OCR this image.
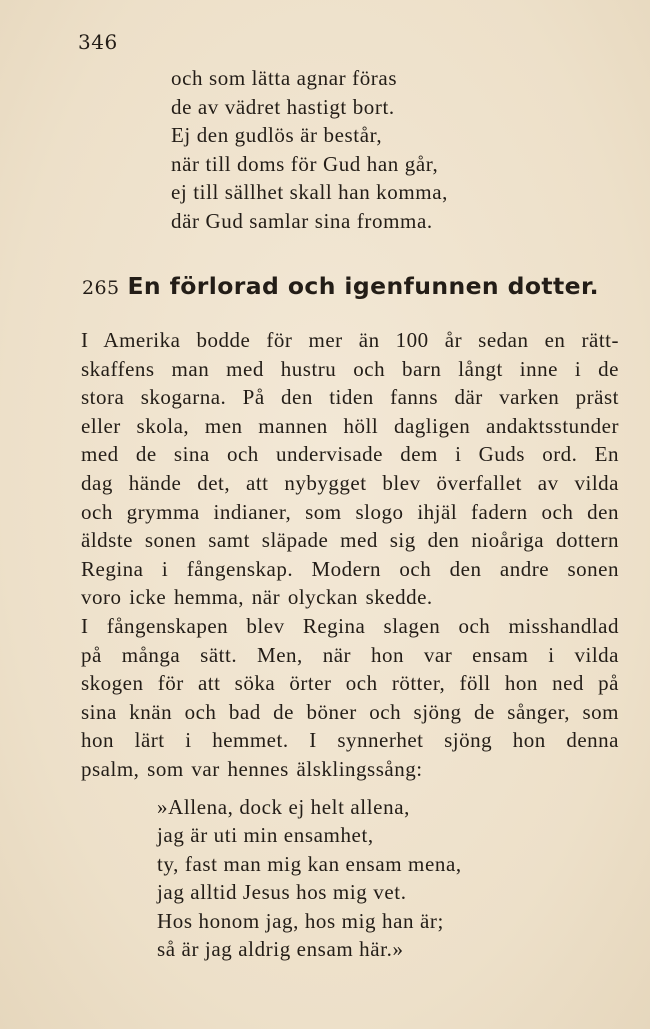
346
och som lätta agnar föras
de av vädret hastigt bort.
Ej den gudlös är består,
när till doms för Gud han går,
ej till sällhet skall han komma,
där Gud samlar sina fromma.
265 En förlorad och igenfunnen dotter.
I Amerika bodde för mer än 100 år sedan en rätt-
skaffens man med hustru och barn långt inne i de
stora skogarna. På den tiden fanns där varken präst
eller skola, men mannen höll dagligen andaktsstunder
med de sina och undervisade dem i Guds ord. En
dag hände det, att nybygget blev överfallet av vilda
och grymma indianer, som slogo ihjäl fadern och den
äldste sonen samt släpade med sig den nioåriga dottern
Regina i fångenskap. Modern och den andre sonen
voro icke hemma, när olyckan skedde.
I fångenskapen blev Regina slagen och misshandlad
på många sätt. Men, när hon var ensam i vilda
skogen för att söka örter och rötter, föll hon ned på
sina knän och bad de böner och sjöng de sånger, som
hon lärt i hemmet. I synnerhet sjöng hon denna
psalm, som var hennes älsklingssång:
»Allena, dock ej helt allena,
jag är uti min ensamhet,
ty, fast man mig kan ensam mena,
jag alltid Jesus hos mig vet.
Hos honom jag, hos mig han är;
så är jag aldrig ensam här.»
